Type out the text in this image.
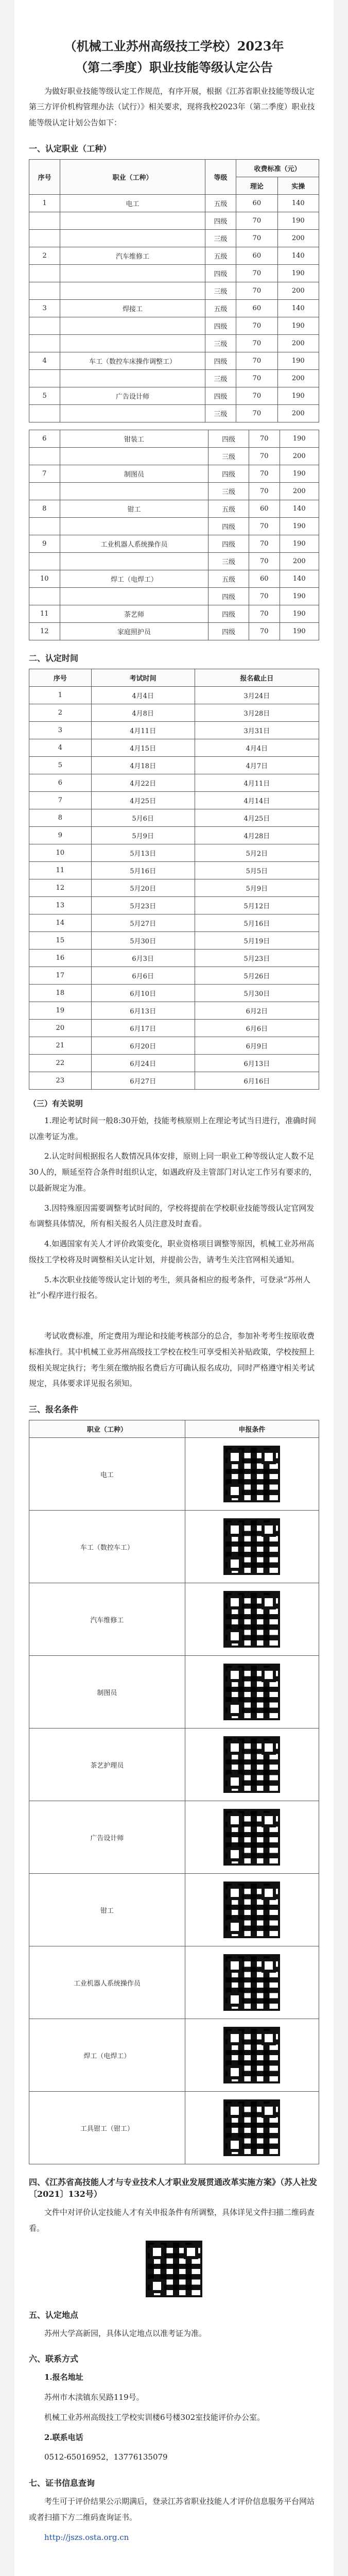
（机械工业苏州高级技工学校）2023年
（第二季度）职业技能等级认定公告

为做好职业技能等级认定工作规范，有序开展，根据《江苏省职业技能等级认定第三方评价机构管理办法（试行）》相关要求，现将我校2023年（第二季度）职业技能等级认定计划公告如下：

一、认定职业（工种）
序号	职业（工种）	等级	收费标准（元）	
			理论	实操
1	电工	五级	60	140
		四级	70	190
		三级	70	200
2	汽车维修工	五级	60	140
		四级	70	190
		三级	70	200
3	焊接工	五级	60	140
		四级	70	190
		三级	70	200
4	车工（数控车床操作调整工）	四级	70	190
		三级	70	200
5	广告设计师	四级	70	190
		三级	70	200
6	钳装工	四级	70	190
		三级	70	200
7	制图员	四级	70	190
		三级	70	200
8	钳工	五级	60	140
		四级	70	190
9	工业机器人系统操作员	四级	70	190
		三级	70	200
10	焊工（电焊工）	五级	60	140
		四级	70	190
11	茶艺师	四级	70	190
12	家庭照护员	四级	70	190
二、认定时间
序号	考试时间	报名截止日
1	4月4日	3月24日
2	4月8日	3月28日
3	4月11日	3月31日
4	4月15日	4月4日
5	4月18日	4月7日
6	4月22日	4月11日
7	4月25日	4月14日
8	5月6日	4月25日
9	5月9日	4月28日
10	5月13日	5月2日
11	5月16日	5月5日
12	5月20日	5月9日
13	5月23日	5月12日
14	5月27日	5月16日
15	5月30日	5月19日
16	6月3日	5月23日
17	6月6日	5月26日
18	6月10日	5月30日
19	6月13日	6月2日
20	6月17日	6月6日
21	6月20日	6月9日
22	6月24日	6月13日
23	6月27日	6月16日
（三）有关说明

1.理论考试时间一般8:30开始，技能考核原则上在理论考试当日进行，准确时间以准考证为准。

2.认定时间根据报名人数情况具体安排，原则上同一职业工种等级认定人数不足30人的，顺延至符合条件时组织认定，如遇政府及主管部门对认定工作另有要求的，以最新规定为准。

3.因特殊原因需要调整考试时间的，学校将提前在学校职业技能等级认定官网发布调整具体情况，所有相关报名人员注意及时查看。

4.如遇国家有关人才评价政策变化，职业资格项目调整等原因，机械工业苏州高级技工学校将及时调整相关认定计划，并提前公告，请考生关注官网相关通知。

5.本次职业技能等级认定计划的考生，须具备相应的报考条件，可登录“苏州人社”小程序进行报名。

考试收费标准，所定费用为理论和技能考核部分的总合，参加补考考生按原收费标准执行。其中机械工业苏州高级技工学校在校生可享受相关补贴政策，学校按照上级相关规定执行；考生须在缴纳报名费后方可确认报名成功，同时严格遵守相关考试规定，具体要求详见报名须知。

三、报名条件
职业（工种）	申报条件
电工	

车工（数控车工）	

汽车维修工	

制图员	

茶艺护理员	

广告设计师	

钳工	

工业机器人系统操作员	

焊工（电焊工）	

工具钳工（钳工）	
四、《江苏省高技能人才与专业技术人才职业发展贯通改革实施方案》（苏人社发〔2021〕132号）

文件中对评价认定技能人才有关申报条件有所调整，具体详见文件扫描二维码查看。

五、认定地点

苏州大学高新园，具体认定地点以准考证为准。

六、联系方式

1.报名地址

苏州市木渎镇东吴路119号。

机械工业苏州高级技工学校实训楼6号楼302室技能评价办公室。

2.联系电话

0512-65016952，13776135079

七、证书信息查询

考生可于评价结果公示期满后，登录江苏省职业技能人才评价信息服务平台网站或者扫描下方二维码查询证书。

http://jszs.osta.org.cn
